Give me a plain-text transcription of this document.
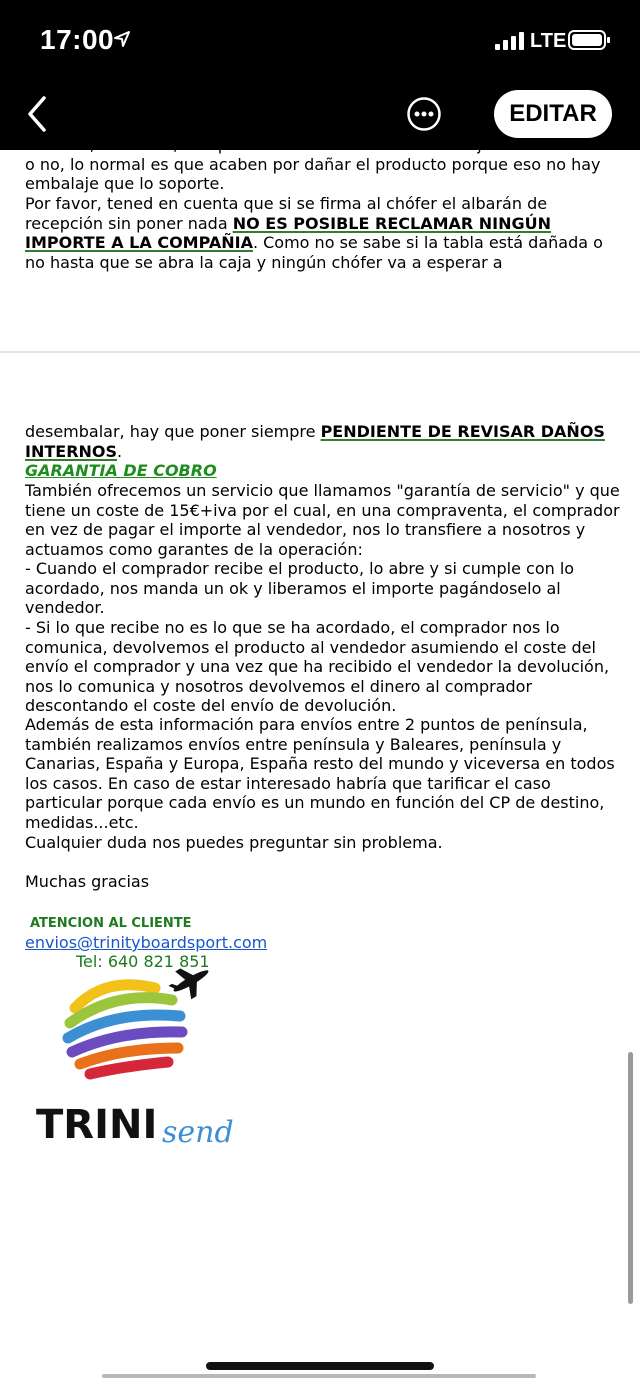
17:00	LTE
EDITAR

Penwick, entonces, independientemente de si el embalaje es el adecuado o no, lo normal es que acaben por dañar el producto porque eso no hay embalaje que lo soporte.

Por favor, tened en cuenta que si se firma al chófer el albarán de recepción sin poner nada NO ES POSIBLE RECLAMAR NINGÚN IMPORTE A LA COMPAÑIA. Como no se sabe si la tabla está dañada o no hasta que se abra la caja y ningún chófer va a esperar a

desembalar, hay que poner siempre PENDIENTE DE REVISAR DAÑOS INTERNOS.

GARANTIA DE COBRO

También ofrecemos un servicio que llamamos "garantía de servicio" y que tiene un coste de 15€+iva por el cual, en una compraventa, el comprador en vez de pagar el importe al vendedor, nos lo transfiere a nosotros y actuamos como garantes de la operación:

- Cuando el comprador recibe el producto, lo abre y si cumple con lo acordado, nos manda un ok y liberamos el importe pagándoselo al vendedor.

- Si lo que recibe no es lo que se ha acordado, el comprador nos lo comunica, devolvemos el producto al vendedor asumiendo el coste del envío el comprador y una vez que ha recibido el vendedor la devolución, nos lo comunica y nosotros devolvemos el dinero al comprador descontando el coste del envío de devolución.

Además de esta información para envíos entre 2 puntos de península, también realizamos envíos entre península y Baleares, península y Canarias, España y Europa, España resto del mundo y viceversa en todos los casos. En caso de estar interesado habría que tarificar el caso particular porque cada envío es un mundo en función del CP de destino, medidas...etc.

Cualquier duda nos puedes preguntar sin problema.

Muchas gracias

ATENCION AL CLIENTE

envios@trinityboardsport.com

Tel: 640 821 851

TRINI send
